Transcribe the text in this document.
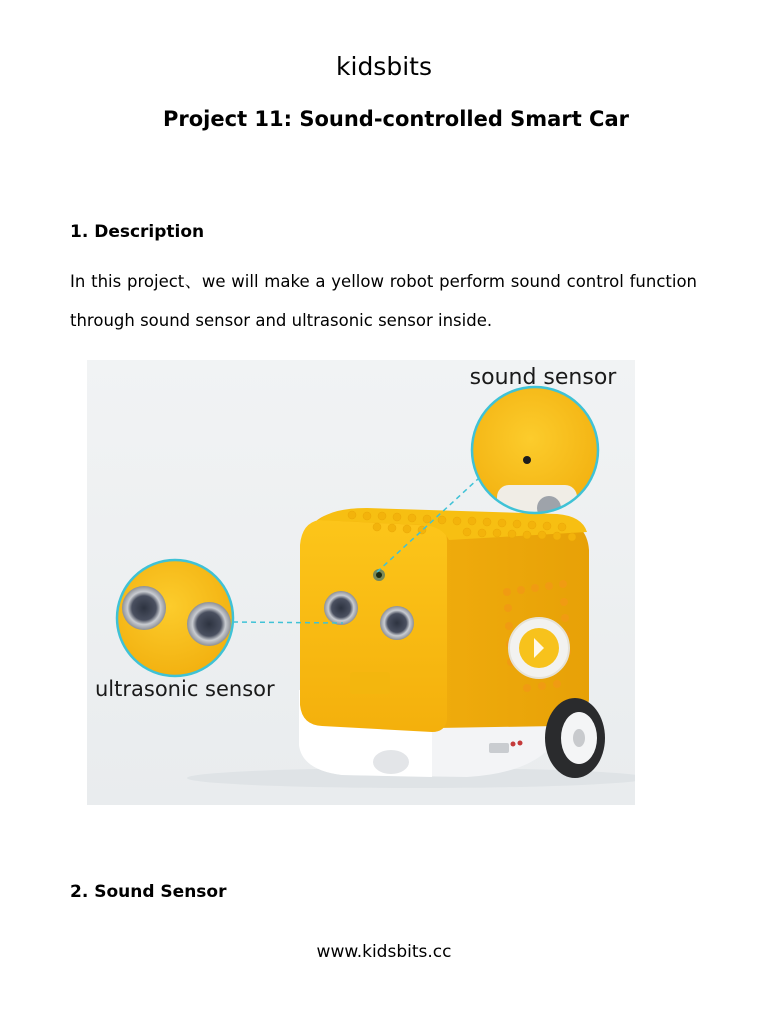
kidsbits
Project 11: Sound-controlled Smart Car
1. Description
In this project、we will make a yellow robot perform sound control function through sound sensor and ultrasonic sensor inside.
sound sensor
ultrasonic sensor
2. Sound Sensor
www.kidsbits.cc
